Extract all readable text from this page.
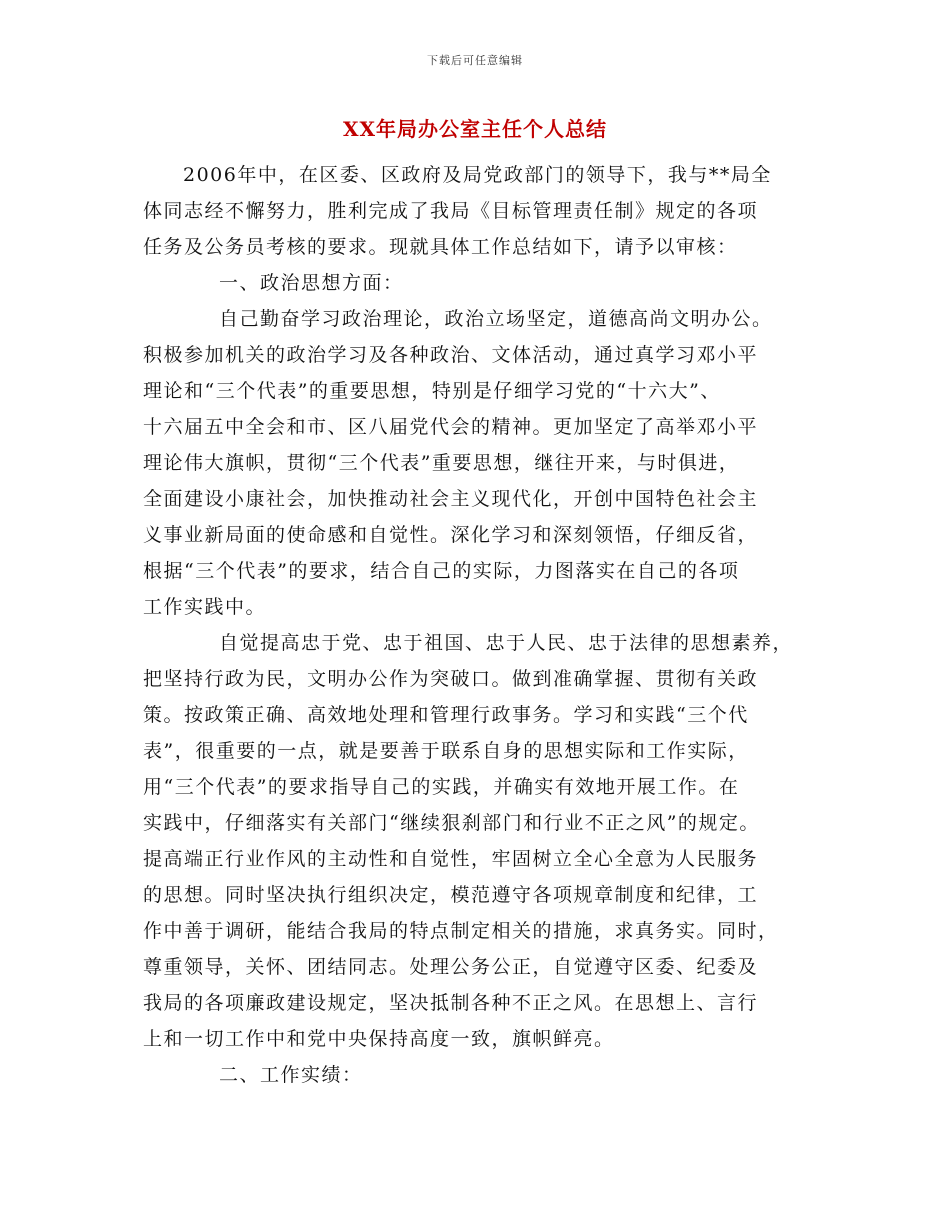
下载后可任意编辑
XX年局办公室主任个人总结
2006年中，在区委、区政府及局党政部门的领导下，我与**局全
体同志经不懈努力，胜利完成了我局《目标管理责任制》规定的各项
任务及公务员考核的要求。现就具体工作总结如下，请予以审核：
一、政治思想方面：
自己勤奋学习政治理论，政治立场坚定，道德高尚文明办公。
积极参加机关的政治学习及各种政治、文体活动，通过真学习邓小平
理论和“三个代表”的重要思想，特别是仔细学习党的“十六大”、
十六届五中全会和市、区八届党代会的精神。更加坚定了高举邓小平
理论伟大旗帜，贯彻“三个代表”重要思想，继往开来，与时俱进，
全面建设小康社会，加快推动社会主义现代化，开创中国特色社会主
义事业新局面的使命感和自觉性。深化学习和深刻领悟，仔细反省，
根据“三个代表”的要求，结合自己的实际，力图落实在自己的各项
工作实践中。
自觉提高忠于党、忠于祖国、忠于人民、忠于法律的思想素养，
把坚持行政为民，文明办公作为突破口。做到准确掌握、贯彻有关政
策。按政策正确、高效地处理和管理行政事务。学习和实践“三个代
表”，很重要的一点，就是要善于联系自身的思想实际和工作实际，
用“三个代表”的要求指导自己的实践，并确实有效地开展工作。在
实践中，仔细落实有关部门“继续狠刹部门和行业不正之风”的规定。
提高端正行业作风的主动性和自觉性，牢固树立全心全意为人民服务
的思想。同时坚决执行组织决定，模范遵守各项规章制度和纪律，工
作中善于调研，能结合我局的特点制定相关的措施，求真务实。同时，
尊重领导，关怀、团结同志。处理公务公正，自觉遵守区委、纪委及
我局的各项廉政建设规定，坚决抵制各种不正之风。在思想上、言行
上和一切工作中和党中央保持高度一致，旗帜鲜亮。
二、工作实绩：
